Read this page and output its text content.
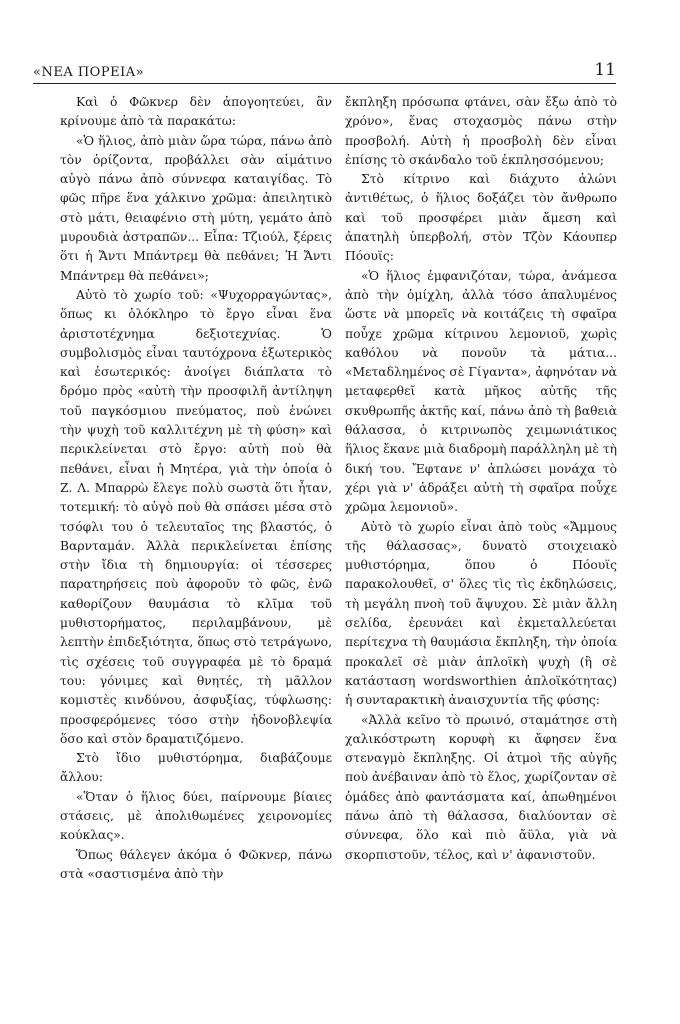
«ΝΕΑ ΠΟΡΕΙΑ»	11

Καὶ ὁ Φῶκνερ δὲν ἀπογοητεύει, ἂν κρίνουμε ἀπὸ τὰ παρακάτω:

«Ὁ ἥλιος, ἀπὸ μιὰν ὥρα τώρα, πάνω ἀπὸ τὸν ὁρίζοντα, προβάλλει σὰν αἱμάτινο αὐγὸ πάνω ἀπὸ σύννεφα καταιγίδας. Τὸ φῶς πῆρε ἕνα χάλκινο χρῶμα: ἀπειλητικὸ στὸ μάτι, θειαφένιο στὴ μύτη, γεμάτο ἀπὸ μυρουδιὰ ἀστραπῶν... Εἶπα: Τζιούλ, ξέρεις ὅτι ἡ Ἄντι Μπάντρεμ θὰ πεθάνει; Ἡ Ἄντι Μπάντρεμ θὰ πεθάνει»;

Αὐτὸ τὸ χωρίο τοῦ: «Ψυχορραγώντας», ὅπως κι ὁλόκληρο τὸ ἔργο εἶναι ἕνα ἀριστοτέχνημα δεξιοτεχνίας. Ὁ συμβολισμὸς εἶναι ταυτόχρονα ἐξωτερικὸς καὶ ἐσωτερικός: ἀνοίγει διάπλατα τὸ δρόμο πρὸς «αὐτὴ τὴν προσφιλῆ ἀντίληψη τοῦ παγκόσμιου πνεύματος, ποὺ ἑνώνει τὴν ψυχὴ τοῦ καλλιτέχνη μὲ τὴ φύση» καὶ περικλείνεται στὸ ἔργο: αὐτὴ ποὺ θὰ πεθάνει, εἶναι ἡ Μητέρα, γιὰ τὴν ὁποία ὁ Ζ. Λ. Μπαρρὼ ἔλεγε πολὺ σωστὰ ὅτι ἦταν, τοτεμική: τὸ αὐγὸ ποὺ θὰ σπάσει μέσα στὸ τσόφλι του ὁ τελευταῖος της βλαστός, ὁ Βαρνταμάν. Ἀλλὰ περικλείνεται ἐπίσης στὴν ἴδια τὴ δημιουργία: οἱ τέσσερες παρατηρήσεις ποὺ ἀφοροῦν τὸ φῶς, ἐνῶ καθορίζουν θαυμάσια τὸ κλῖμα τοῦ μυθιστορήματος, περιλαμβάνουν, μὲ λεπτὴν ἐπιδεξιότητα, ὅπως στὸ τετράγωνο, τὶς σχέσεις τοῦ συγγραφέα μὲ τὸ δραμά του: γόνιμες καὶ θνητές, τὴ μᾶλλον κομιστὲς κινδύνου, ἀσφυξίας, τύφλωσης: προσφερόμενες τόσο στὴν ἡδονοβλεψία ὅσο καὶ στὸν δραματιζόμενο.

Στὸ ἴδιο μυθιστόρημα, διαβάζουμε ἄλλου:

«Ὅταν ὁ ἥλιος δύει, παίρνουμε βίαιες στάσεις, μὲ ἀπολιθωμένες χειρονομίες κούκλας».

Ὅπως θάλεγεν ἀκόμα ὁ Φῶκνερ, πάνω στὰ «σαστισμένα ἀπὸ τὴν

ἔκπληξη πρόσωπα φτάνει, σὰν ἔξω ἀπὸ τὸ χρόνο», ἕνας στοχασμὸς πάνω στὴν προσβολή. Αὐτὴ ἡ προσβολὴ δὲν εἶναι ἐπίσης τὸ σκάνδαλο τοῦ ἐκπλησσόμενου;

Στὸ κίτρινο καὶ διάχυτο ἁλώνι ἀντιθέτως, ὁ ἥλιος δοξάζει τὸν ἄνθρωπο καὶ τοῦ προσφέρει μιὰν ἄμεση καὶ ἀπατηλὴ ὑπερβολή, στὸν Τζὸν Κάουπερ Πόουϊς:

«Ὁ ἥλιος ἐμφανιζόταν, τώρα, ἀνάμεσα ἀπὸ τὴν ὁμίχλη, ἀλλὰ τόσο ἁπαλυμένος ὥστε νὰ μπορεῖς νὰ κοιτάζεις τὴ σφαῖρα ποὖχε χρῶμα κίτρινου λεμονιοῦ, χωρὶς καθόλου νὰ πονοῦν τὰ μάτια... «Μεταδλημένος σὲ Γίγαντα», ἀφηνόταν νὰ μεταφερθεῖ κατὰ μῆκος αὐτῆς τῆς σκυθρωπῆς ἀκτῆς καί, πάνω ἀπὸ τὴ βαθειὰ θάλασσα, ὁ κιτρινωπὸς χειμωνιάτικος ἥλιος ἔκανε μιὰ διαδρομὴ παράλληλη μὲ τὴ δική του. Ἔφτανε ν' ἁπλώσει μονάχα τὸ χέρι γιὰ ν' ἁδράξει αὐτὴ τὴ σφαῖρα ποὖχε χρῶμα λεμονιοῦ».

Αὐτὸ τὸ χωρίο εἶναι ἀπὸ τοὺς «Ἄμμους τῆς θάλασσας», δυνατὸ στοιχειακὸ μυθιστόρημα, ὅπου ὁ Πόουϊς παρακολουθεῖ, σ' ὅλες τὶς τὶς ἐκδηλώσεις, τὴ μεγάλη πνοὴ τοῦ ἄψυχου. Σὲ μιὰν ἄλλη σελίδα, ἐρευνάει καὶ ἐκμεταλλεύεται περίτεχνα τὴ θαυμάσια ἔκπληξη, τὴν ὁποία προκαλεῖ σὲ μιὰν ἁπλοϊκὴ ψυχὴ (ἢ σὲ κατάσταση wordsworthien ἁπλοϊκότητας) ἡ συνταρακτικὴ ἀναισχυντία τῆς φύσης:

«Ἀλλὰ κεῖνο τὸ πρωινό, σταμάτησε στὴ χαλικόστρωτη κορυφὴ κι ἄφησεν ἕνα στεναγμὸ ἔκπληξης. Οἱ ἀτμοὶ τῆς αὐγῆς ποὺ ἀνέβαιναν ἀπὸ τὸ ἕλος, χωρίζονταν σὲ ὁμάδες ἀπὸ φαντάσματα καί, ἀπωθημένοι πάνω ἀπὸ τὴ θάλασσα, διαλύονταν σὲ σύννεφα, ὅλο καὶ πιὸ ἄϋλα, γιὰ νὰ σκορπιστοῦν, τέλος, καὶ ν' ἀφανιστοῦν.
